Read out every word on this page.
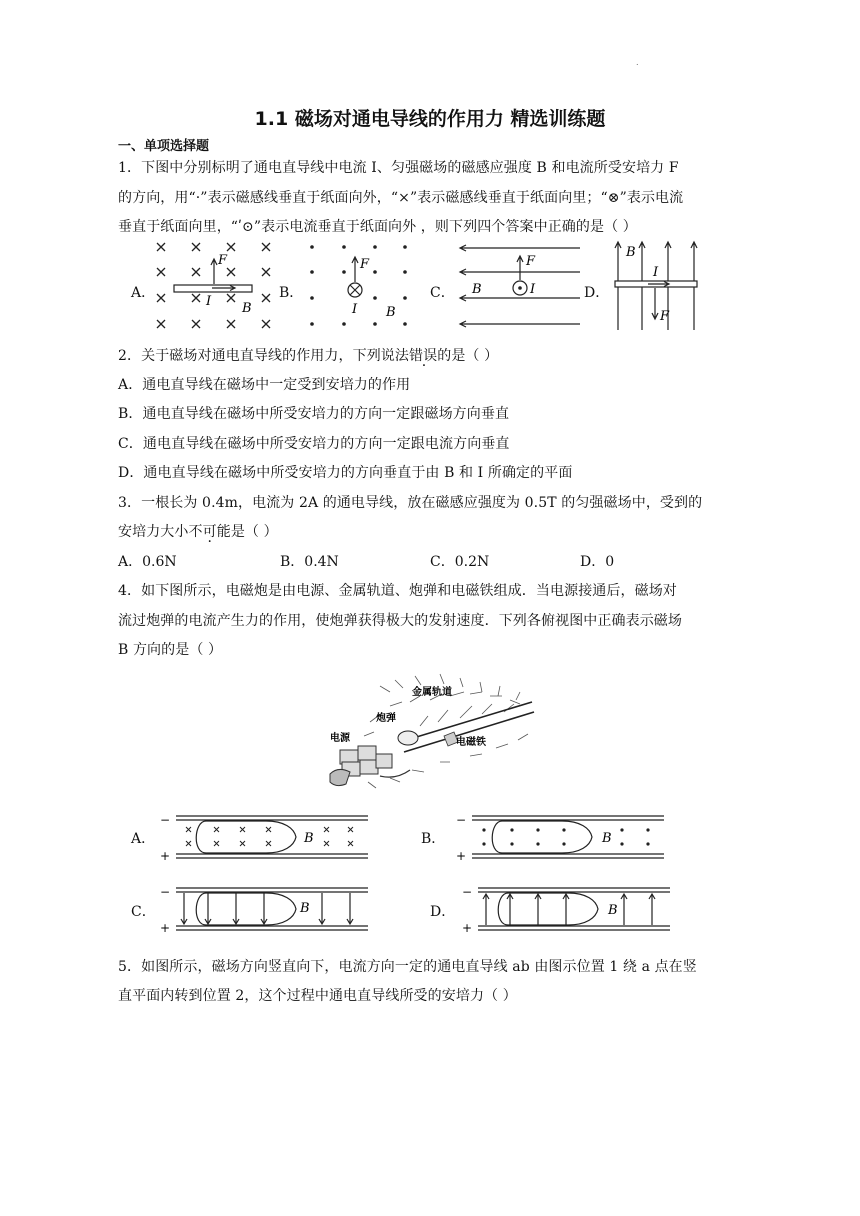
.
1.1 磁场对通电导线的作用力 精选训练题
一、单项选择题
1．下图中分别标明了通电直导线中电流 I、匀强磁场的磁感应强度 B 和电流所受安培力 F
的方向，用“·”表示磁感线垂直于纸面向外，“×”表示磁感线垂直于纸面向里；“⊗”表示电流
垂直于纸面向里，“ʹ⊙”表示电流垂直于纸面向外 ，则下列四个答案中正确的是（ ）
A．	B．	C．	D．
F
I B
F
I B
F
I
B
B
I
F
2．关于磁场对通电直导线的作用力，下列说法错误的是（ ）
A．通电直导线在磁场中一定受到安培力的作用
B．通电直导线在磁场中所受安培力的方向一定跟磁场方向垂直
C．通电直导线在磁场中所受安培力的方向一定跟电流方向垂直
D．通电直导线在磁场中所受安培力的方向垂直于由 B 和 I 所确定的平面
3．一根长为 0.4m，电流为 2A 的通电导线，放在磁感应强度为 0.5T 的匀强磁场中，受到的
安培力大小不可能是（ ）
A．0.6N	B．0.4N	C．0.2N	D．0
4．如下图所示，电磁炮是由电源、金属轨道、炮弹和电磁铁组成．当电源接通后，磁场对
流过炮弹的电流产生力的作用，使炮弹获得极大的发射速度．下列各俯视图中正确表示磁场
B 方向的是（ ）
金属轨道
炮弹
电源	电磁铁
A．	B．
C．	D．
−
+
B
−
+
B
−
+
B
−
+
B
5．如图所示，磁场方向竖直向下，电流方向一定的通电直导线 ab 由图示位置 1 绕 a 点在竖
直平面内转到位置 2，这个过程中通电直导线所受的安培力（ ）
